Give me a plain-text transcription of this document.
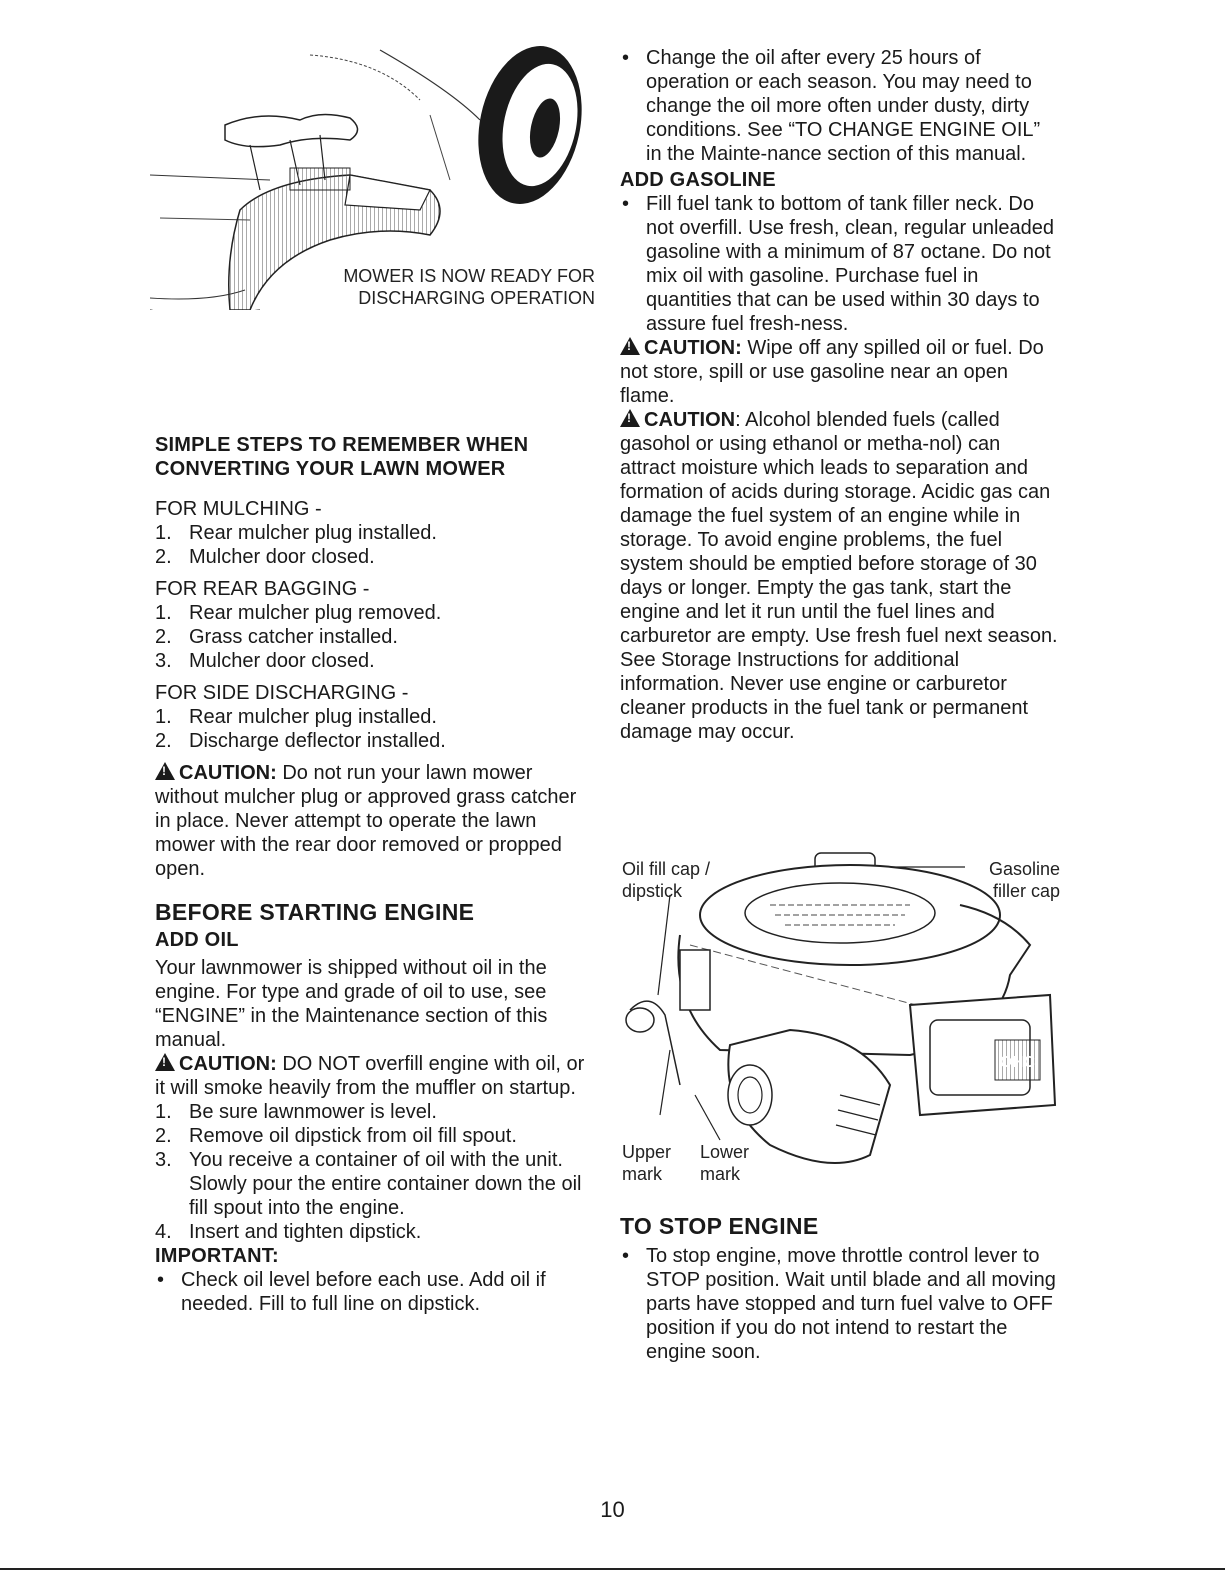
MOWER IS NOW READY FOR
DISCHARGING OPERATION
SIMPLE STEPS TO REMEMBER WHEN
CONVERTING YOUR LAWN MOWER
FOR MULCHING -
1. Rear mulcher plug installed.
2. Mulcher door closed.
FOR REAR BAGGING -
1. Rear mulcher plug removed.
2. Grass catcher installed.
3. Mulcher door closed.
FOR SIDE DISCHARGING -
1. Rear mulcher plug installed.
2. Discharge deflector installed.

!CAUTION: Do not run your lawn mower without mulcher plug or approved grass catcher in place. Never attempt to operate the lawn mower with the rear door removed or propped open.

BEFORE STARTING ENGINE
ADD OIL

Your lawnmower is shipped without oil in the engine. For type and grade of oil to use, see “ENGINE” in the Maintenance section of this manual.

!CAUTION: DO NOT overfill engine with oil, or it will smoke heavily from the muffler on startup.

1. Be sure lawnmower is level.
2. Remove oil dipstick from oil fill spout.
3. You receive a container of oil with the unit. Slowly pour the entire container down the oil fill spout into the engine.
4. Insert and tighten dipstick.
IMPORTANT:
• Check oil level before each use. Add oil if needed. Fill to full line on dipstick.
• Change the oil after every 25 hours of operation or each season. You may need to change the oil more often under dusty, dirty conditions. See “TO CHANGE ENGINE OIL” in the Mainte-nance section of this manual.
ADD GASOLINE
• Fill fuel tank to bottom of tank filler neck. Do not overfill. Use fresh, clean, regular unleaded gasoline with a minimum of 87 octane. Do not mix oil with gasoline. Purchase fuel in quantities that can be used within 30 days to assure fuel fresh-ness.

!CAUTION: Wipe off any spilled oil or fuel. Do not store, spill or use gasoline near an open flame.

!CAUTION: Alcohol blended fuels (called gasohol or using ethanol or metha-nol) can attract moisture which leads to separation and formation of acids during storage. Acidic gas can damage the fuel system of an engine while in storage. To avoid engine problems, the fuel system should be emptied before storage of 30 days or longer. Empty the gas tank, start the engine and let it run until the fuel lines and carburetor are empty. Use fresh fuel next season. See Storage Instructions for additional information. Never use engine or carburetor cleaner products in the fuel tank or permanent damage may occur.

OHC
Oil fill cap /
dipstick
Gasoline
filler cap
Upper
mark
Lower
mark
TO STOP ENGINE
• To stop engine, move throttle control lever to STOP position. Wait until blade and all moving parts have stopped and turn fuel valve to OFF position if you do not intend to restart the engine soon.
10
